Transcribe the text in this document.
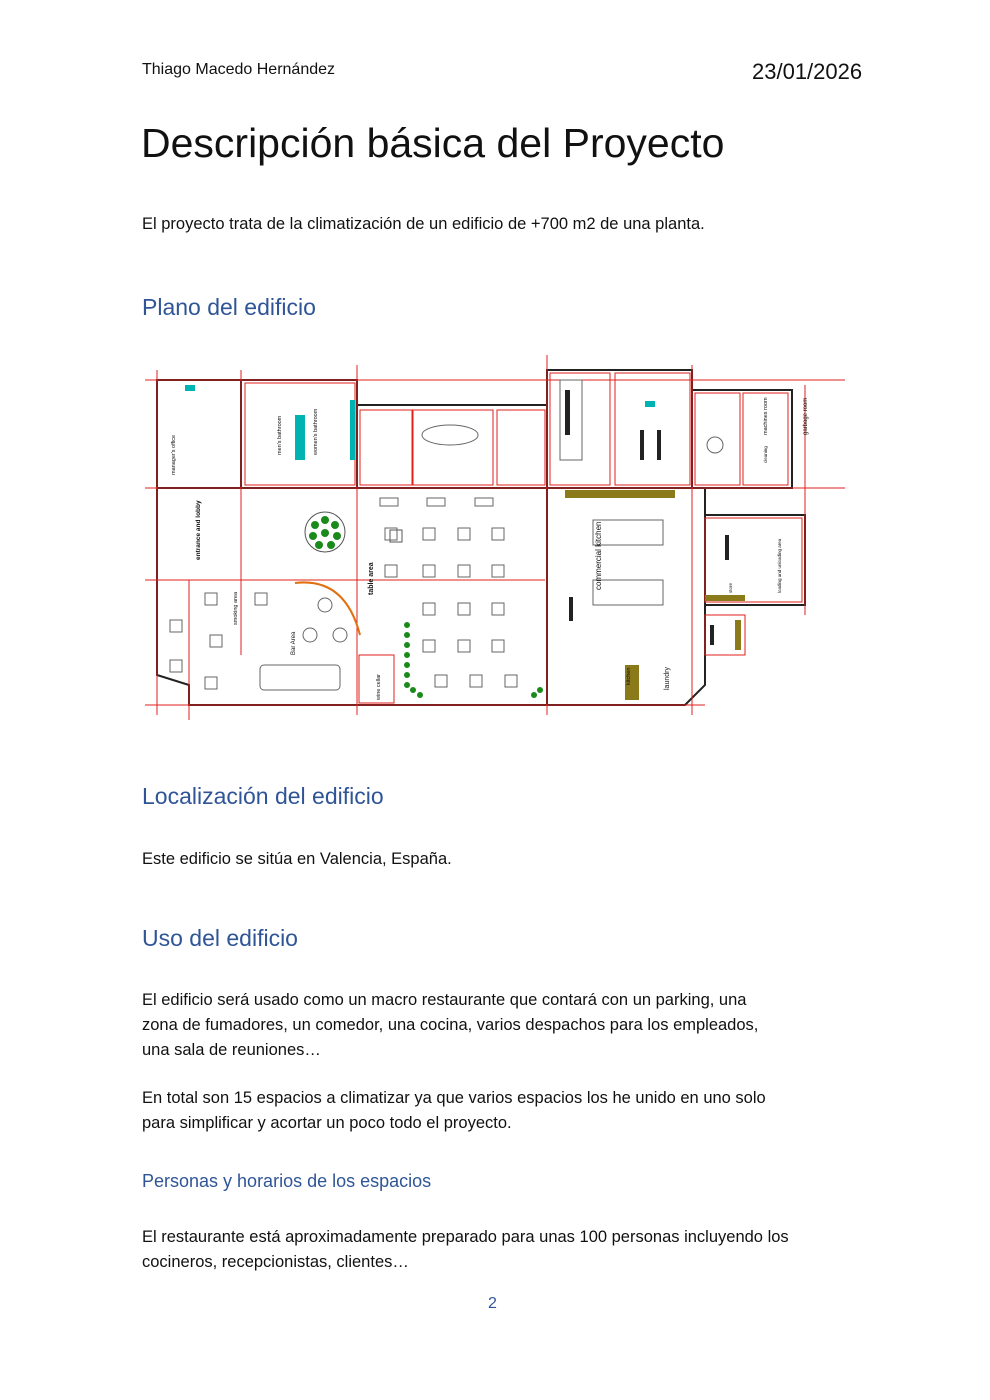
Thiago Macedo Hernández	23/01/2026
Descripción básica del Proyecto
El proyecto trata de la climatización de un edificio de +700 m2 de una planta.
Plano del edificio
manager's office	men's bathroom	women's bathroom
entrance and lobby
table area
Bar Area
smoking area
wine cellar
commercial kitchen
laundry
machines room	garbage room
cleaning
loading and unloading area
store
kitchen
Localización del edificio
Este edificio se sitúa en Valencia, España.
Uso del edificio
El edificio será usado como un macro restaurante que contará con un parking, una
zona de fumadores, un comedor, una cocina, varios despachos para los empleados,
una sala de reuniones…
En total son 15 espacios a climatizar ya que varios espacios los he unido en uno solo
para simplificar y acortar un poco todo el proyecto.
Personas y horarios de los espacios
El restaurante está aproximadamente preparado para unas 100 personas incluyendo los
cocineros, recepcionistas, clientes…
2
